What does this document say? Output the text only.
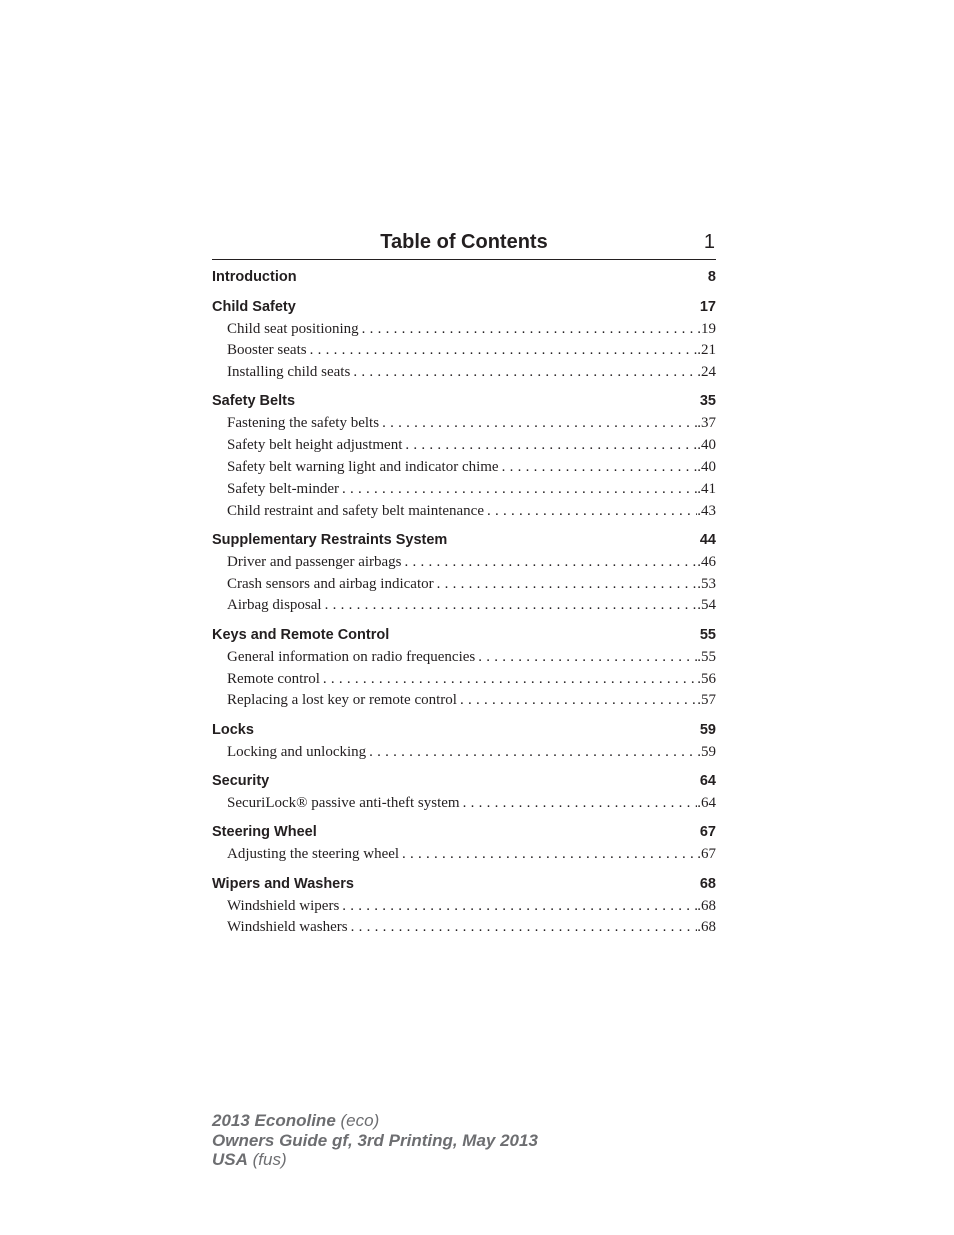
Table of Contents	1
Introduction	8
Child Safety	17
Child seat positioning . . .	. 19
Booster seats . . .	. 21
Installing child seats . . .	. 24
Safety Belts	35
Fastening the safety belts . . .	. 37
Safety belt height adjustment . . .	. 40
Safety belt warning light and indicator chime . . .	. 40
Safety belt-minder . . .	. 41
Child restraint and safety belt maintenance . . .	. 43
Supplementary Restraints System	44
Driver and passenger airbags . . .	. 46
Crash sensors and airbag indicator . . .	. 53
Airbag disposal . . .	. 54
Keys and Remote Control	55
General information on radio frequencies . . .	. 55
Remote control . . .	. 56
Replacing a lost key or remote control . . .	. 57
Locks	59
Locking and unlocking . . .	. 59
Security	64
SecuriLock® passive anti-theft system . . .	. 64
Steering Wheel	67
Adjusting the steering wheel . . .	. 67
Wipers and Washers	68
Windshield wipers . . .	. 68
Windshield washers . . .	. 68
2013 Econoline (eco)
Owners Guide gf, 3rd Printing, May 2013
USA (fus)
